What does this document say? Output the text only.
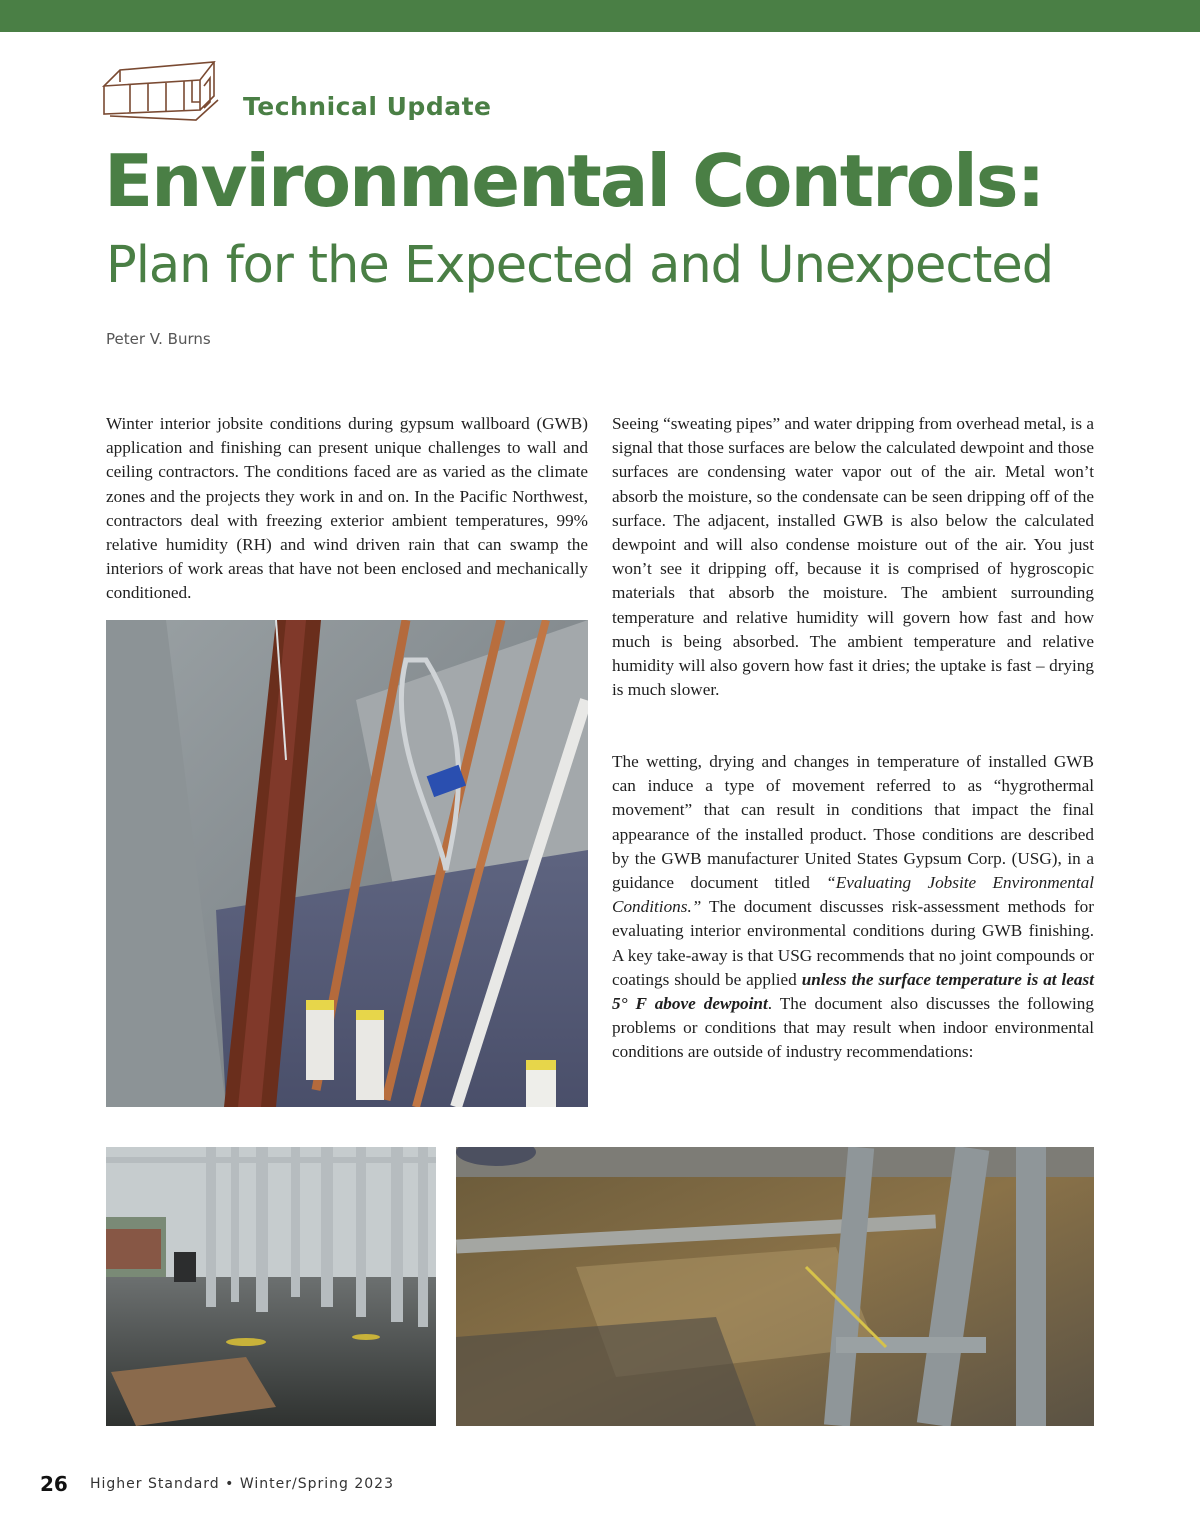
Technical Update
Environmental Controls:
Plan for the Expected and Unexpected
Peter V. Burns

Winter interior jobsite conditions during gypsum wallboard (GWB) application and finishing can present unique challenges to wall and ceiling contractors. The conditions faced are as varied as the climate zones and the projects they work in and on. In the Pacific Northwest, contractors deal with freezing exterior ambient temperatures, 99% relative humidity (RH) and wind driven rain that can swamp the interiors of work areas that have not been enclosed and mechanically conditioned.

Seeing “sweating pipes” and water dripping from overhead metal, is a signal that those surfaces are below the calculated dewpoint and those surfaces are condensing water vapor out of the air. Metal won’t absorb the moisture, so the condensate can be seen dripping off of the surface. The adjacent, installed GWB is also below the calculated dewpoint and will also condense moisture out of the air. You just won’t see it dripping off, because it is comprised of hygroscopic materials that absorb the moisture. The ambient surrounding temperature and relative humidity will govern how fast and how much is being absorbed. The ambient temperature and relative humidity will also govern how fast it dries; the uptake is fast – drying is much slower.

The wetting, drying and changes in temperature of installed GWB can induce a type of movement referred to as “hygrothermal movement” that can result in conditions that impact the final appearance of the installed product. Those conditions are described by the GWB manufacturer United States Gypsum Corp. (USG), in a guidance document titled “Evaluating Jobsite Environmental Conditions.” The document discusses risk-assessment methods for evaluating interior environmental conditions during GWB finishing. A key take-away is that USG recommends that no joint compounds or coatings should be applied unless the surface temperature is at least 5° F above dewpoint. The document also discusses the following problems or conditions that may result when indoor environmental conditions are outside of industry recommendations:

26 Higher Standard • Winter/Spring 2023
